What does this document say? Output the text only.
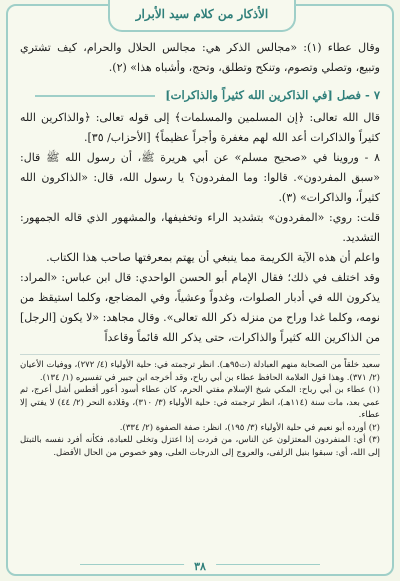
الأذكار من كلام سيد الأبرار

وقال عطاء (١): «مجالس الذكر هي: مجالس الحلال والحرام، كيف تشتري وتبيع، وتصلي وتصوم، وتنكح وتطلق، وتحج، وأشباه هذا» (٢).

٧ - فصل [في الذاكرين الله كثيراً والذاكرات]

قال الله تعالى: ﴿إن المسلمين والمسلمات﴾ إلى قوله تعالى: ﴿والذاكرين الله كثيراً والذاكرات أعد الله لهم مغفرة وأجراً عظيماً﴾ [الأحزاب/ ٣٥].

٨ - وروينا في «صحيح مسلم» عن أبي هريرة ﷺ، أن رسول الله ﷺ قال: «سبق المفردون». قالوا: وما المفردون؟ يا رسول الله، قال: «الذاكرون الله كثيراً، والذاكرات» (٣).

قلت: روي: «المفردون» بتشديد الراء وتخفيفها، والمشهور الذي قاله الجمهور: التشديد.

واعلم أن هذه الآية الكريمة مما ينبغي أن يهتم بمعرفتها صاحب هذا الكتاب.

وقد اختلف في ذلك؛ فقال الإمام أبو الحسن الواحدي: قال ابن عباس: «المراد: يذكرون الله في أدبار الصلوات، وغدواً وعشياً، وفي المضاجع، وكلما استيقظ من نومه، وكلما غدا وراح من منزله ذكر الله تعالى». وقال مجاهد: «لا يكون [الرجل] من الذاكرين الله كثيراً والذاكرات، حتى يذكر الله قائماً وقاعداً

سعيد خلقاً من الصحابة منهم العبادلة (ت٩٥هـ). انظر ترجمته في: حلية الأولياء (٤/ ٢٧٢)، ووفيات الأعيان (٢/ ٣٧١). وهذا قول العلامة الحافظ عطاء بن أبي رباح، وقد أخرجه ابن جبير في تفسيره (١/ ١٣٤).

(١) عطاء بن أبي رباح: المكي شيخ الإسلام مفتي الحرم، كان عطاء أسود أعور أفطس أشل أعرج، ثم عمي بعد، مات سنة (١١٤هـ)، انظر ترجمته في: حلية الأولياء (٣/ ٣١٠)، وقلادة النحر (٢/ ٤٤) لا يفتي إلا عطاء.

(٢) أورده أبو نعيم في حلية الأولياء (٣/ ١٩٥)، انظر: صفة الصفوة (٢/ ٣٣٤).

(٣) أي: المنفردون المعتزلون عن الناس، من فردت إذا اعتزل وتخلى للعبادة، فكأنه أفرد نفسه بالتبتل إلى الله، أي: سبقوا بنيل الزلفى، والعروج إلى الدرجات العلى، وهو خصوص من الحال الأفضل.

٣٨
